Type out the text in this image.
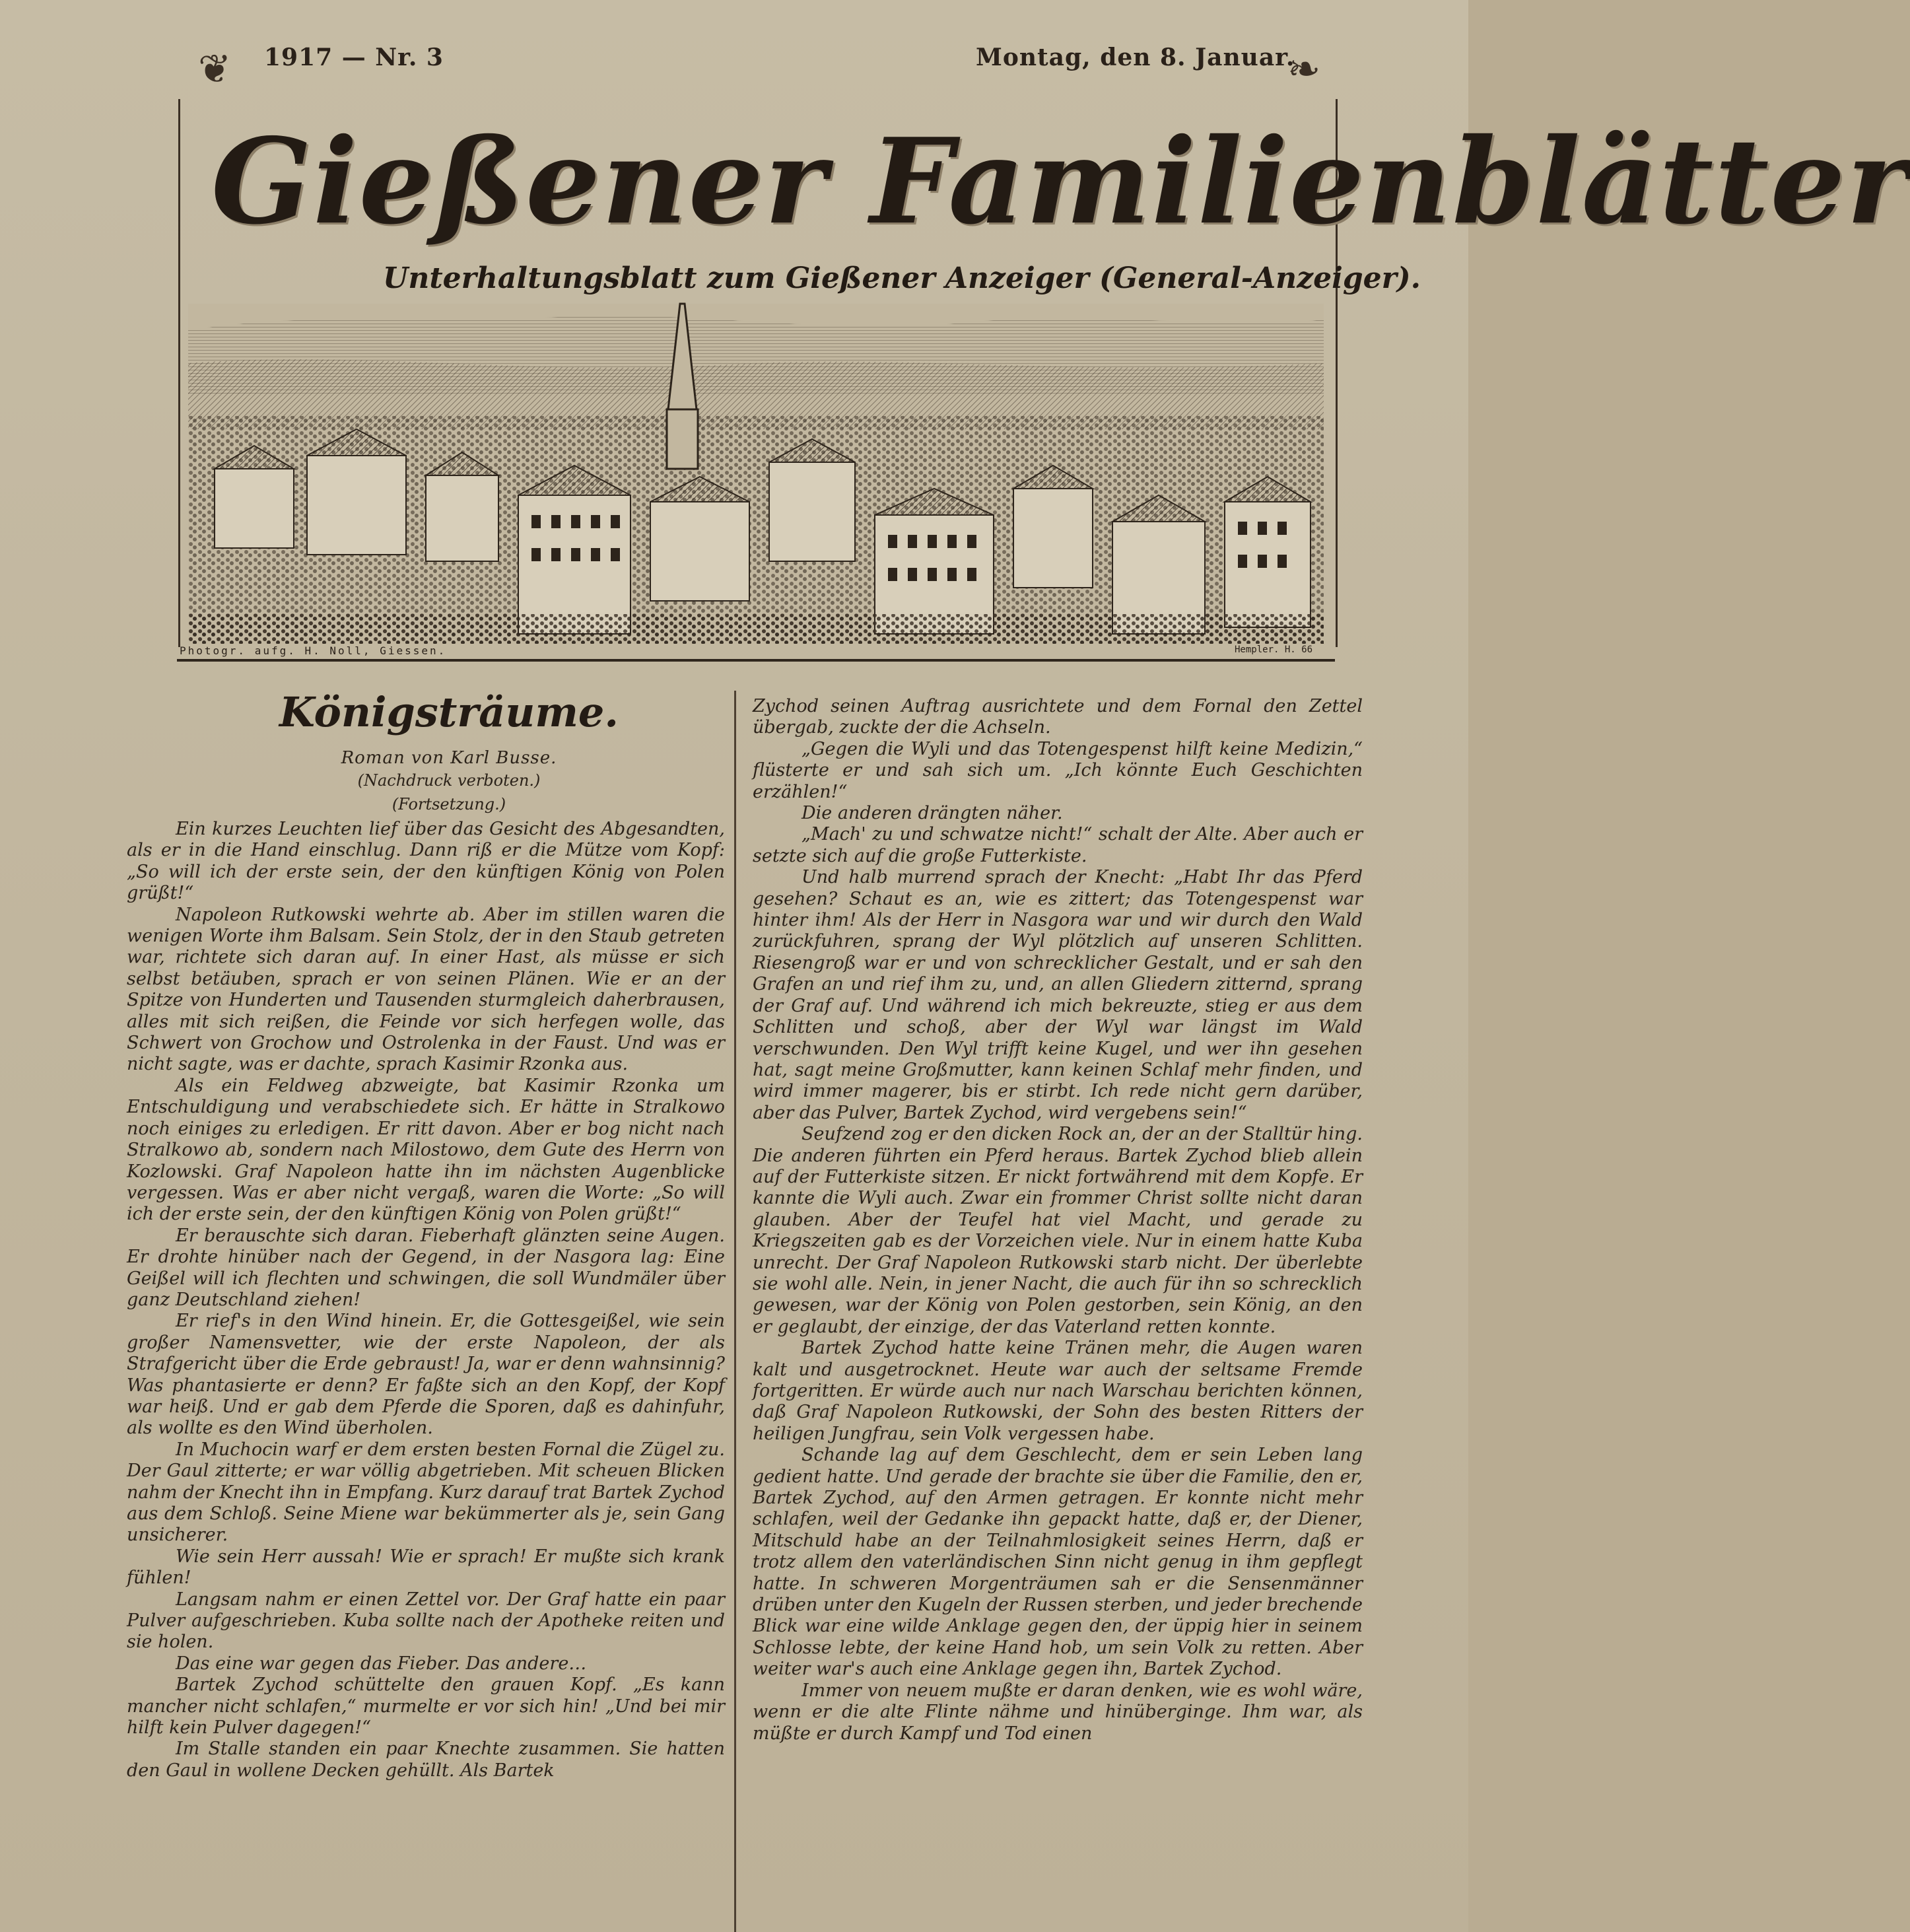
1917 — Nr. 3	Montag, den 8. Januar.
❦	❧
Gießener Familienblätter
Unterhaltungsblatt zum Gießener Anzeiger (General-Anzeiger).
Photogr. aufg. H. Noll, Giessen.	Hempler. H. 66
Königsträume.
Roman von Karl Busse.
(Nachdruck verboten.)
(Fortsetzung.)

Ein kurzes Leuchten lief über das Gesicht des Abgesandten, als er in die Hand einschlug. Dann riß er die Mütze vom Kopf: „So will ich der erste sein, der den künftigen König von Polen grüßt!“

Napoleon Rutkowski wehrte ab. Aber im stillen waren die wenigen Worte ihm Balsam. Sein Stolz, der in den Staub getreten war, richtete sich daran auf. In einer Hast, als müsse er sich selbst betäuben, sprach er von seinen Plänen. Wie er an der Spitze von Hunderten und Tausenden sturmgleich daherbrausen, alles mit sich reißen, die Feinde vor sich herfegen wolle, das Schwert von Grochow und Ostrolenka in der Faust. Und was er nicht sagte, was er dachte, sprach Kasimir Rzonka aus.

Als ein Feldweg abzweigte, bat Kasimir Rzonka um Entschuldigung und verabschiedete sich. Er hätte in Stralkowo noch einiges zu erledigen. Er ritt davon. Aber er bog nicht nach Stralkowo ab, sondern nach Milostowo, dem Gute des Herrn von Kozlowski. Graf Napoleon hatte ihn im nächsten Augenblicke vergessen. Was er aber nicht vergaß, waren die Worte: „So will ich der erste sein, der den künftigen König von Polen grüßt!“

Er berauschte sich daran. Fieberhaft glänzten seine Augen. Er drohte hinüber nach der Gegend, in der Nasgora lag: Eine Geißel will ich flechten und schwingen, die soll Wundmäler über ganz Deutschland ziehen!

Er rief's in den Wind hinein. Er, die Gottesgeißel, wie sein großer Namensvetter, wie der erste Napoleon, der als Strafgericht über die Erde gebraust! Ja, war er denn wahnsinnig? Was phantasierte er denn? Er faßte sich an den Kopf, der Kopf war heiß. Und er gab dem Pferde die Sporen, daß es dahinfuhr, als wollte es den Wind überholen.

In Muchocin warf er dem ersten besten Fornal die Zügel zu. Der Gaul zitterte; er war völlig abgetrieben. Mit scheuen Blicken nahm der Knecht ihn in Empfang. Kurz darauf trat Bartek Zychod aus dem Schloß. Seine Miene war bekümmerter als je, sein Gang unsicherer.

Wie sein Herr aussah! Wie er sprach! Er mußte sich krank fühlen!

Langsam nahm er einen Zettel vor. Der Graf hatte ein paar Pulver aufgeschrieben. Kuba sollte nach der Apotheke reiten und sie holen.

Das eine war gegen das Fieber. Das andere…

Bartek Zychod schüttelte den grauen Kopf. „Es kann mancher nicht schlafen,“ murmelte er vor sich hin! „Und bei mir hilft kein Pulver dagegen!“

Im Stalle standen ein paar Knechte zusammen. Sie hatten den Gaul in wollene Decken gehüllt. Als Bartek

Zychod seinen Auftrag ausrichtete und dem Fornal den Zettel übergab, zuckte der die Achseln.

„Gegen die Wyli und das Totengespenst hilft keine Medizin,“ flüsterte er und sah sich um. „Ich könnte Euch Geschichten erzählen!“

Die anderen drängten näher.

„Mach' zu und schwatze nicht!“ schalt der Alte. Aber auch er setzte sich auf die große Futterkiste.

Und halb murrend sprach der Knecht: „Habt Ihr das Pferd gesehen? Schaut es an, wie es zittert; das Totengespenst war hinter ihm! Als der Herr in Nasgora war und wir durch den Wald zurückfuhren, sprang der Wyl plötzlich auf unseren Schlitten. Riesengroß war er und von schrecklicher Gestalt, und er sah den Grafen an und rief ihm zu, und, an allen Gliedern zitternd, sprang der Graf auf. Und während ich mich bekreuzte, stieg er aus dem Schlitten und schoß, aber der Wyl war längst im Wald verschwunden. Den Wyl trifft keine Kugel, und wer ihn gesehen hat, sagt meine Großmutter, kann keinen Schlaf mehr finden, und wird immer magerer, bis er stirbt. Ich rede nicht gern darüber, aber das Pulver, Bartek Zychod, wird vergebens sein!“

Seufzend zog er den dicken Rock an, der an der Stalltür hing. Die anderen führten ein Pferd heraus. Bartek Zychod blieb allein auf der Futterkiste sitzen. Er nickt fortwährend mit dem Kopfe. Er kannte die Wyli auch. Zwar ein frommer Christ sollte nicht daran glauben. Aber der Teufel hat viel Macht, und gerade zu Kriegszeiten gab es der Vorzeichen viele. Nur in einem hatte Kuba unrecht. Der Graf Napoleon Rutkowski starb nicht. Der überlebte sie wohl alle. Nein, in jener Nacht, die auch für ihn so schrecklich gewesen, war der König von Polen gestorben, sein König, an den er geglaubt, der einzige, der das Vaterland retten konnte.

Bartek Zychod hatte keine Tränen mehr, die Augen waren kalt und ausgetrocknet. Heute war auch der seltsame Fremde fortgeritten. Er würde auch nur nach Warschau berichten können, daß Graf Napoleon Rutkowski, der Sohn des besten Ritters der heiligen Jungfrau, sein Volk vergessen habe.

Schande lag auf dem Geschlecht, dem er sein Leben lang gedient hatte. Und gerade der brachte sie über die Familie, den er, Bartek Zychod, auf den Armen getragen. Er konnte nicht mehr schlafen, weil der Gedanke ihn gepackt hatte, daß er, der Diener, Mitschuld habe an der Teilnahmlosigkeit seines Herrn, daß er trotz allem den vaterländischen Sinn nicht genug in ihm gepflegt hatte. In schweren Morgenträumen sah er die Sensenmänner drüben unter den Kugeln der Russen sterben, und jeder brechende Blick war eine wilde Anklage gegen den, der üppig hier in seinem Schlosse lebte, der keine Hand hob, um sein Volk zu retten. Aber weiter war's auch eine Anklage gegen ihn, Bartek Zychod.

Immer von neuem mußte er daran denken, wie es wohl wäre, wenn er die alte Flinte nähme und hinüberginge. Ihm war, als müßte er durch Kampf und Tod einen
